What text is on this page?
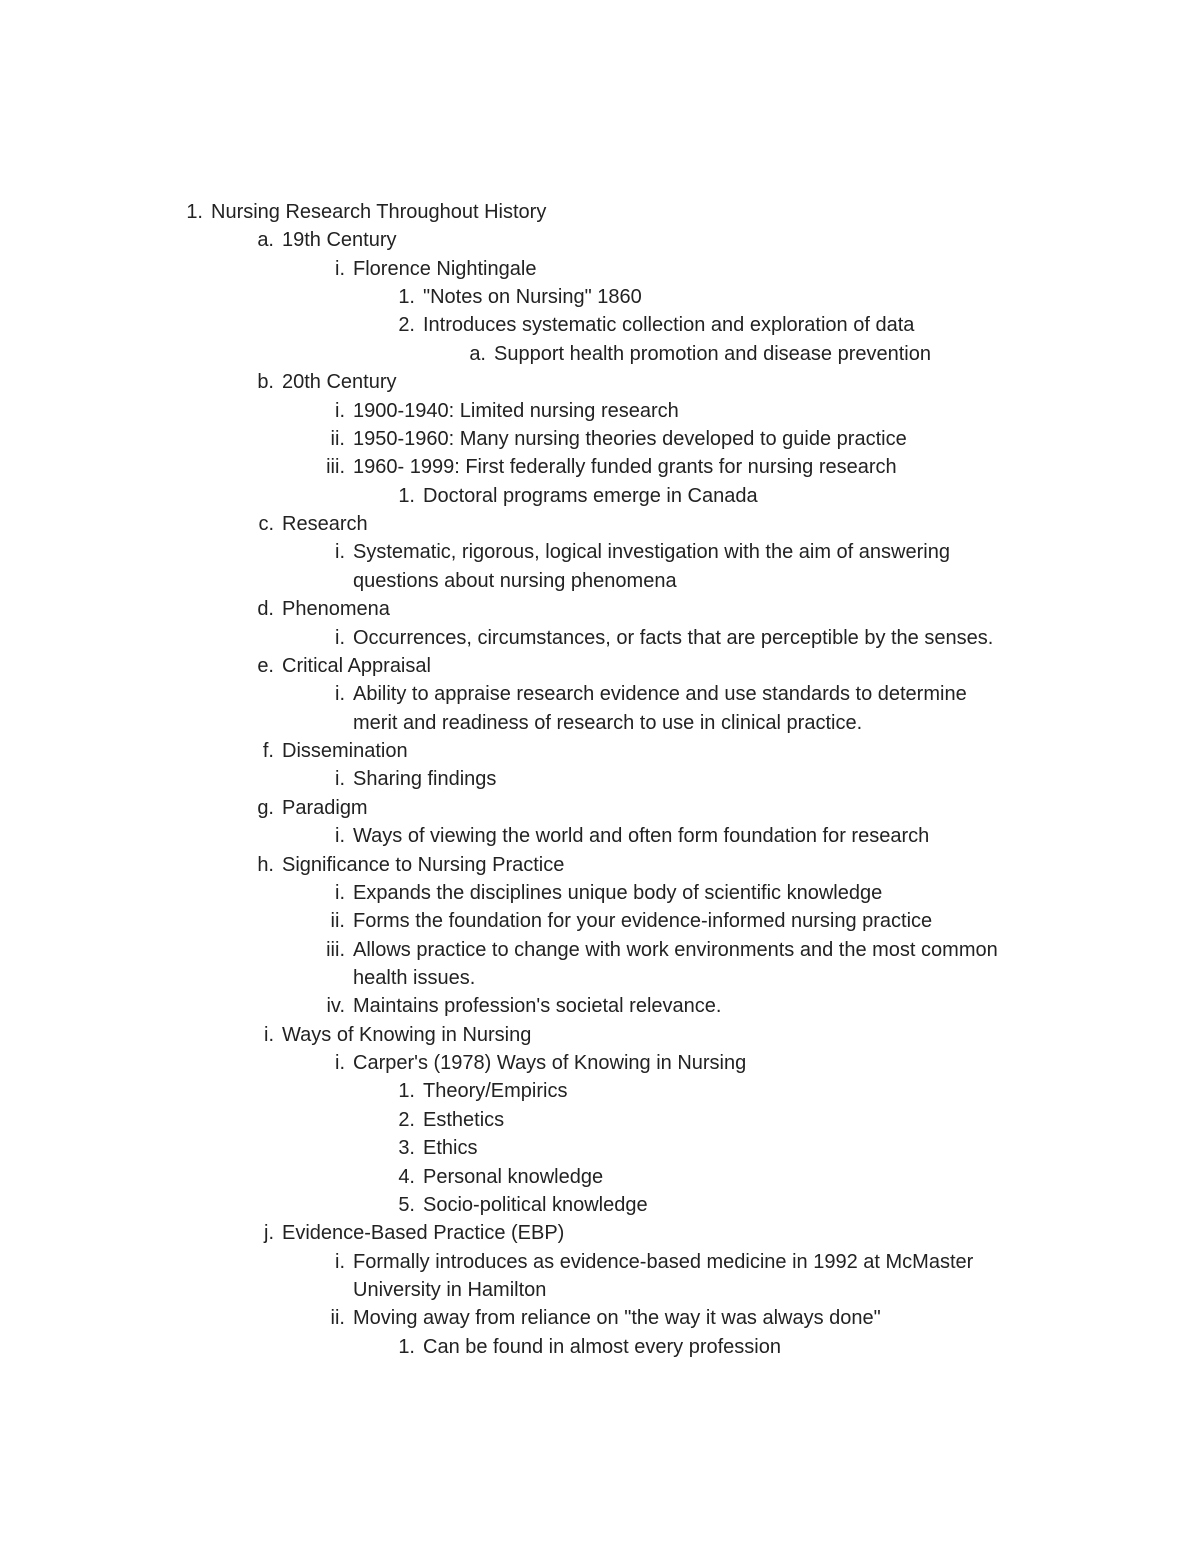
1. Nursing Research Throughout History
a. 19th Century
i. Florence Nightingale
1. "Notes on Nursing" 1860
2. Introduces systematic collection and exploration of data
a. Support health promotion and disease prevention
b. 20th Century
i. 1900-1940: Limited nursing research
ii. 1950-1960: Many nursing theories developed to guide practice
iii. 1960- 1999: First federally funded grants for nursing research
1. Doctoral programs emerge in Canada
c. Research
i. Systematic, rigorous, logical investigation with the aim of answering
questions about nursing phenomena
d. Phenomena
i. Occurrences, circumstances, or facts that are perceptible by the senses.
e. Critical Appraisal
i. Ability to appraise research evidence and use standards to determine
merit and readiness of research to use in clinical practice.
f. Dissemination
i. Sharing findings
g. Paradigm
i. Ways of viewing the world and often form foundation for research
h. Significance to Nursing Practice
i. Expands the disciplines unique body of scientific knowledge
ii. Forms the foundation for your evidence-informed nursing practice
iii. Allows practice to change with work environments and the most common
health issues.
iv. Maintains profession's societal relevance.
i. Ways of Knowing in Nursing
i. Carper's (1978) Ways of Knowing in Nursing
1. Theory/Empirics
2. Esthetics
3. Ethics
4. Personal knowledge
5. Socio-political knowledge
j. Evidence-Based Practice (EBP)
i. Formally introduces as evidence-based medicine in 1992 at McMaster
University in Hamilton
ii. Moving away from reliance on "the way it was always done"
1. Can be found in almost every profession
